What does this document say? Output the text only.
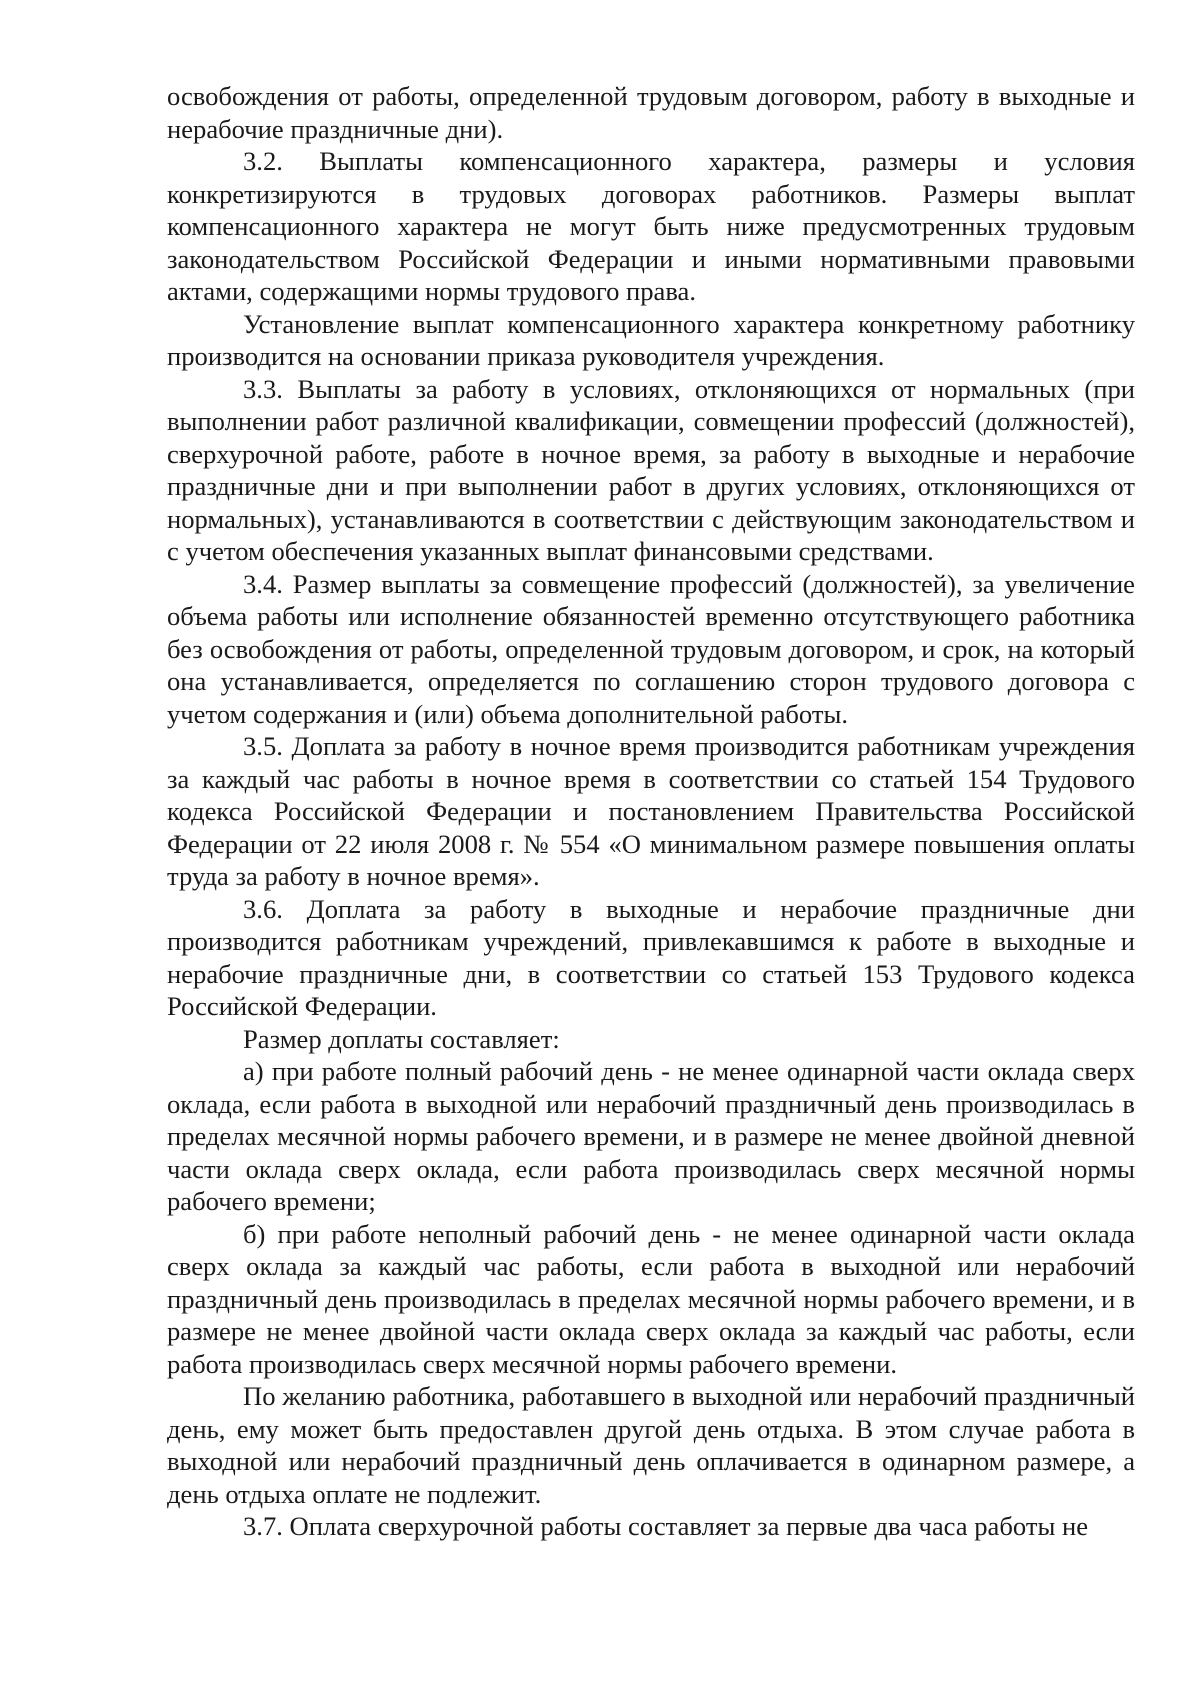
освобождения от работы, определенной трудовым договором, работу в выходные и нерабочие праздничные дни).

3.2. Выплаты компенсационного характера, размеры и условия конкретизируются в трудовых договорах работников. Размеры выплат компенсационного характера не могут быть ниже предусмотренных трудовым законодательством Российской Федерации и иными нормативными правовыми актами, содержащими нормы трудового права.

Установление выплат компенсационного характера конкретному работнику производится на основании приказа руководителя учреждения.

3.3. Выплаты за работу в условиях, отклоняющихся от нормальных (при выполнении работ различной квалификации, совмещении профессий (должностей), сверхурочной работе, работе в ночное время, за работу в выходные и нерабочие праздничные дни и при выполнении работ в других условиях, отклоняющихся от нормальных), устанавливаются в соответствии с действующим законодательством и с учетом обеспечения указанных выплат финансовыми средствами.

3.4. Размер выплаты за совмещение профессий (должностей), за увеличение объема работы или исполнение обязанностей временно отсутствующего работника без освобождения от работы, определенной трудовым договором, и срок, на который она устанавливается, определяется по соглашению сторон трудового договора с учетом содержания и (или) объема дополнительной работы.

3.5. Доплата за работу в ночное время производится работникам учреждения за каждый час работы в ночное время в соответствии со статьей 154 Трудового кодекса Российской Федерации и постановлением Правительства Российской Федерации от 22 июля 2008 г. № 554 «О минимальном размере повышения оплаты труда за работу в ночное время».

3.6. Доплата за работу в выходные и нерабочие праздничные дни производится работникам учреждений, привлекавшимся к работе в выходные и нерабочие праздничные дни, в соответствии со статьей 153 Трудового кодекса Российской Федерации.

Размер доплаты составляет:

а) при работе полный рабочий день - не менее одинарной части оклада сверх оклада, если работа в выходной или нерабочий праздничный день производилась в пределах месячной нормы рабочего времени, и в размере не менее двойной дневной части оклада сверх оклада, если работа производилась сверх месячной нормы рабочего времени;

б) при работе неполный рабочий день - не менее одинарной части оклада сверх оклада за каждый час работы, если работа в выходной или нерабочий праздничный день производилась в пределах месячной нормы рабочего времени, и в размере не менее двойной части оклада сверх оклада за каждый час работы, если работа производилась сверх месячной нормы рабочего времени.

По желанию работника, работавшего в выходной или нерабочий праздничный день, ему может быть предоставлен другой день отдыха. В этом случае работа в выходной или нерабочий праздничный день оплачивается в одинарном размере, а день отдыха оплате не подлежит.

3.7. Оплата сверхурочной работы составляет за первые два часа работы не
